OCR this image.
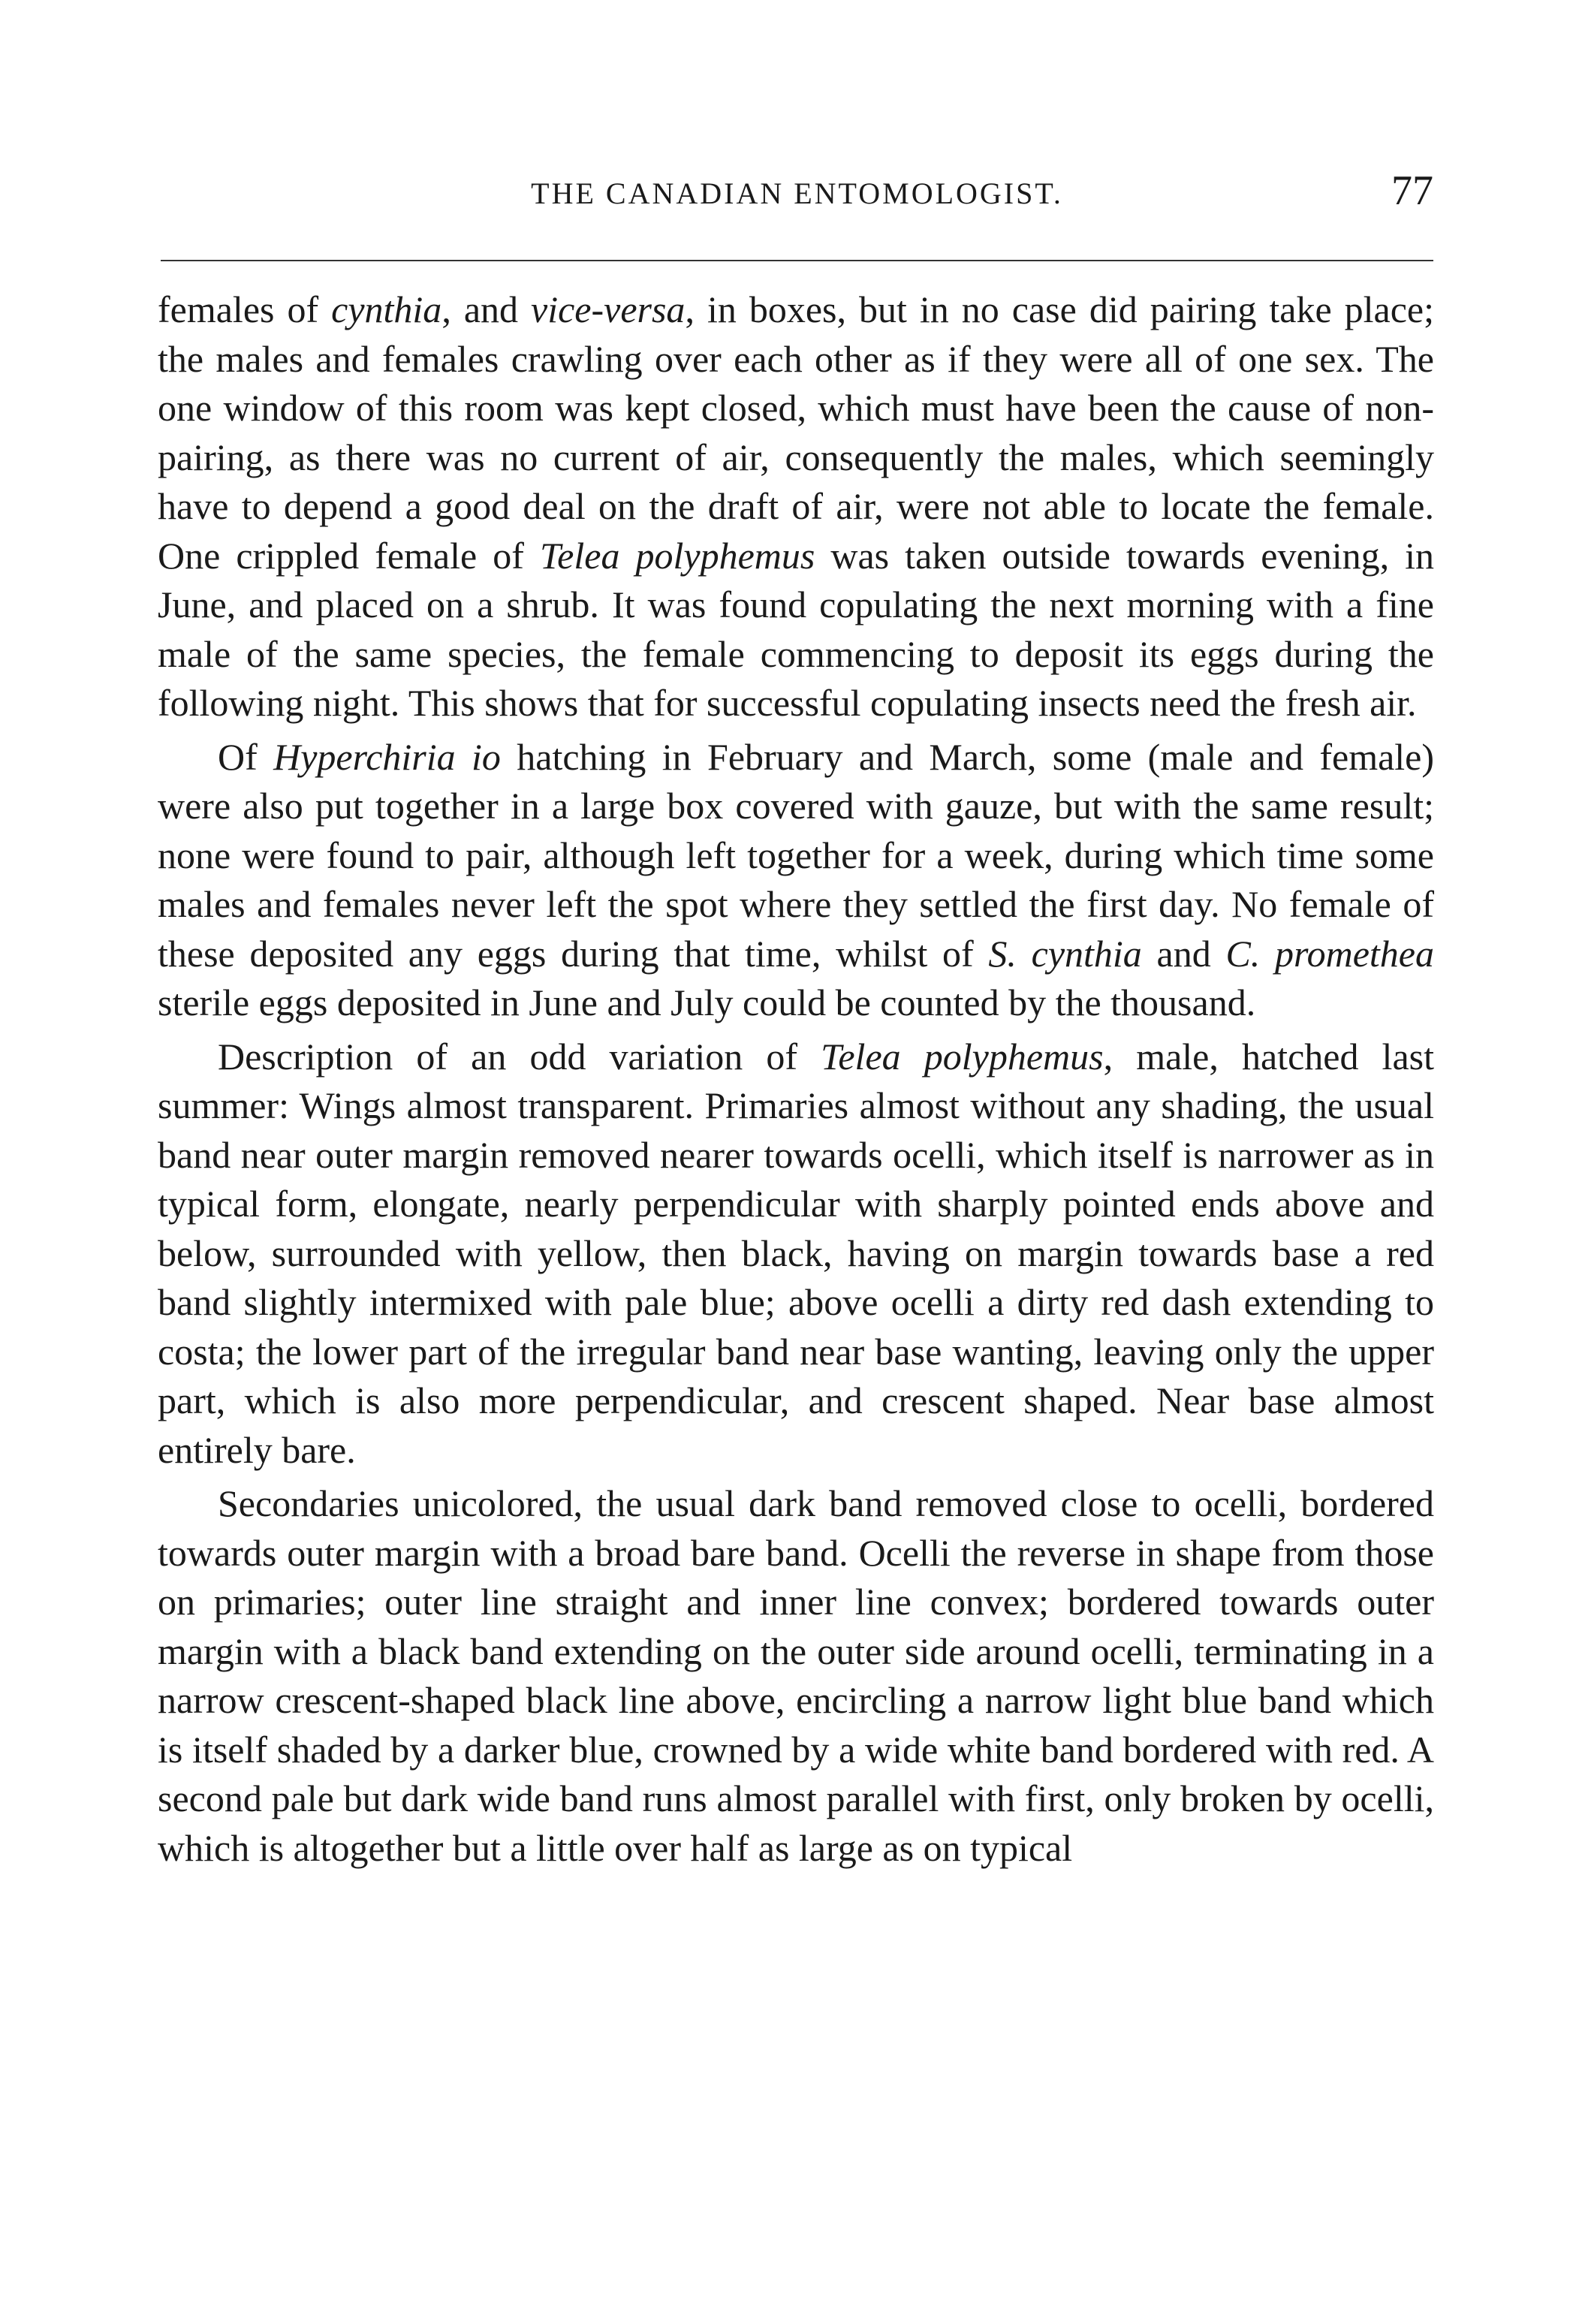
THE CANADIAN ENTOMOLOGIST.	77

females of cynthia, and vice-versa, in boxes, but in no case did pairing take place; the males and females crawling over each other as if they were all of one sex. The one window of this room was kept closed, which must have been the cause of non-pairing, as there was no current of air, consequently the males, which seemingly have to depend a good deal on the draft of air, were not able to locate the female. One crippled female of Telea polyphemus was taken outside towards evening, in June, and placed on a shrub. It was found copulating the next morning with a fine male of the same species, the female commencing to deposit its eggs during the following night. This shows that for successful copulating insects need the fresh air.

Of Hyperchiria io hatching in February and March, some (male and female) were also put together in a large box covered with gauze, but with the same result; none were found to pair, although left together for a week, during which time some males and females never left the spot where they settled the first day. No female of these deposited any eggs during that time, whilst of S. cynthia and C. promethea sterile eggs deposited in June and July could be counted by the thousand.

Description of an odd variation of Telea polyphemus, male, hatched last summer: Wings almost transparent. Primaries almost without any shading, the usual band near outer margin removed nearer towards ocelli, which itself is narrower as in typical form, elongate, nearly perpendicular with sharply pointed ends above and below, surrounded with yellow, then black, having on margin towards base a red band slightly intermixed with pale blue; above ocelli a dirty red dash extending to costa; the lower part of the irregular band near base wanting, leaving only the upper part, which is also more perpendicular, and crescent shaped. Near base almost entirely bare.

Secondaries unicolored, the usual dark band removed close to ocelli, bordered towards outer margin with a broad bare band. Ocelli the reverse in shape from those on primaries; outer line straight and inner line convex; bordered towards outer margin with a black band extending on the outer side around ocelli, terminating in a narrow crescent-shaped black line above, encircling a narrow light blue band which is itself shaded by a darker blue, crowned by a wide white band bordered with red. A second pale but dark wide band runs almost parallel with first, only broken by ocelli, which is altogether but a little over half as large as on typical
